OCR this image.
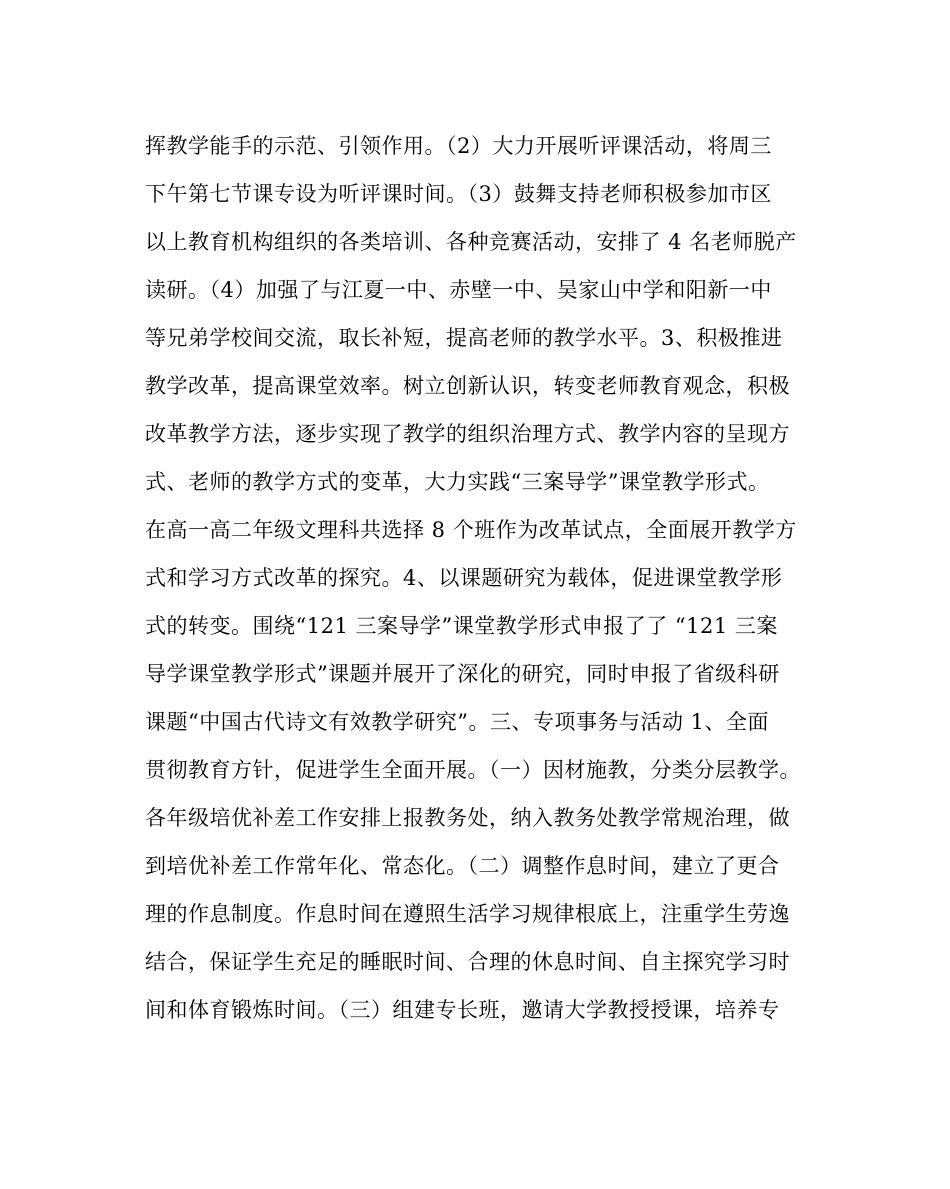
挥教学能手的示范、引领作用。（2）大力开展听评课活动，将周三
下午第七节课专设为听评课时间。（3）鼓舞支持老师积极参加市区
以上教育机构组织的各类培训、各种竞赛活动，安排了 4 名老师脱产
读研。（4）加强了与江夏一中、赤壁一中、吴家山中学和阳新一中
等兄弟学校间交流，取长补短，提高老师的教学水平。3、积极推进
教学改革，提高课堂效率。树立创新认识，转变老师教育观念，积极
改革教学方法，逐步实现了教学的组织治理方式、教学内容的呈现方
式、老师的教学方式的变革，大力实践“三案导学”课堂教学形式。
在高一高二年级文理科共选择 8 个班作为改革试点，全面展开教学方
式和学习方式改革的探究。4、以课题研究为载体，促进课堂教学形
式的转变。围绕“121 三案导学”课堂教学形式申报了了 “121 三案
导学课堂教学形式”课题并展开了深化的研究，同时申报了省级科研
课题“中国古代诗文有效教学研究”。三、专项事务与活动 1、全面
贯彻教育方针，促进学生全面开展。（一）因材施教，分类分层教学。
各年级培优补差工作安排上报教务处，纳入教务处教学常规治理，做
到培优补差工作常年化、常态化。（二）调整作息时间，建立了更合
理的作息制度。作息时间在遵照生活学习规律根底上，注重学生劳逸
结合，保证学生充足的睡眠时间、合理的休息时间、自主探究学习时
间和体育锻炼时间。（三）组建专长班，邀请大学教授授课，培养专
